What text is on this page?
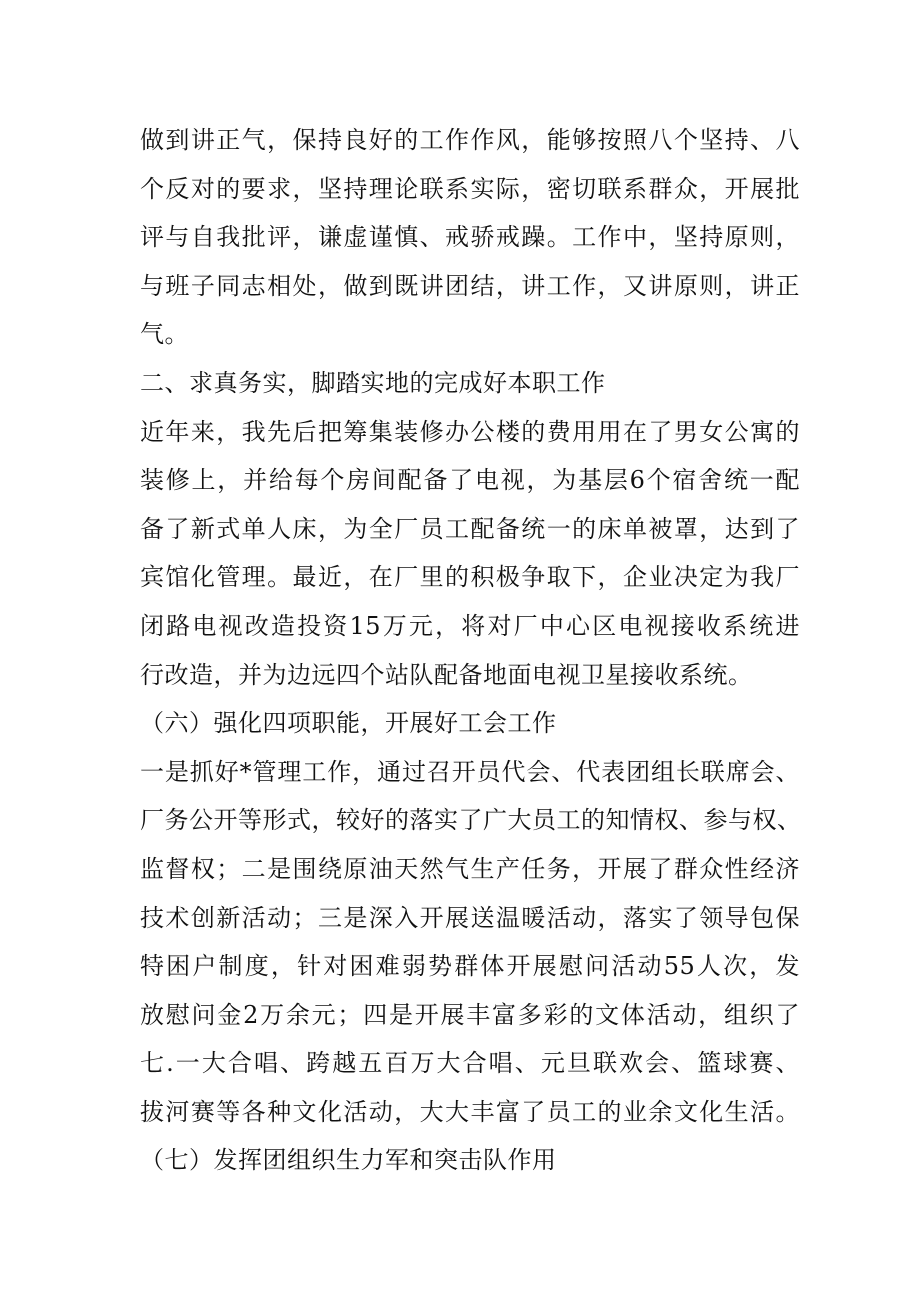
做到讲正气，保持良好的工作作风，能够按照八个坚持、八
个反对的要求，坚持理论联系实际，密切联系群众，开展批
评与自我批评，谦虚谨慎、戒骄戒躁。工作中，坚持原则，
与班子同志相处，做到既讲团结，讲工作，又讲原则，讲正
气。
二、求真务实，脚踏实地的完成好本职工作
近年来，我先后把筹集装修办公楼的费用用在了男女公寓的
装修上，并给每个房间配备了电视，为基层6个宿舍统一配
备了新式单人床，为全厂员工配备统一的床单被罩，达到了
宾馆化管理。最近，在厂里的积极争取下，企业决定为我厂
闭路电视改造投资15万元，将对厂中心区电视接收系统进
行改造，并为边远四个站队配备地面电视卫星接收系统。
（六）强化四项职能，开展好工会工作
一是抓好*管理工作，通过召开员代会、代表团组长联席会、
厂务公开等形式，较好的落实了广大员工的知情权、参与权、
监督权；二是围绕原油天然气生产任务，开展了群众性经济
技术创新活动；三是深入开展送温暖活动，落实了领导包保
特困户制度，针对困难弱势群体开展慰问活动55人次，发
放慰问金2万余元；四是开展丰富多彩的文体活动，组织了
七.一大合唱、跨越五百万大合唱、元旦联欢会、篮球赛、
拔河赛等各种文化活动，大大丰富了员工的业余文化生活。
（七）发挥团组织生力军和突击队作用
